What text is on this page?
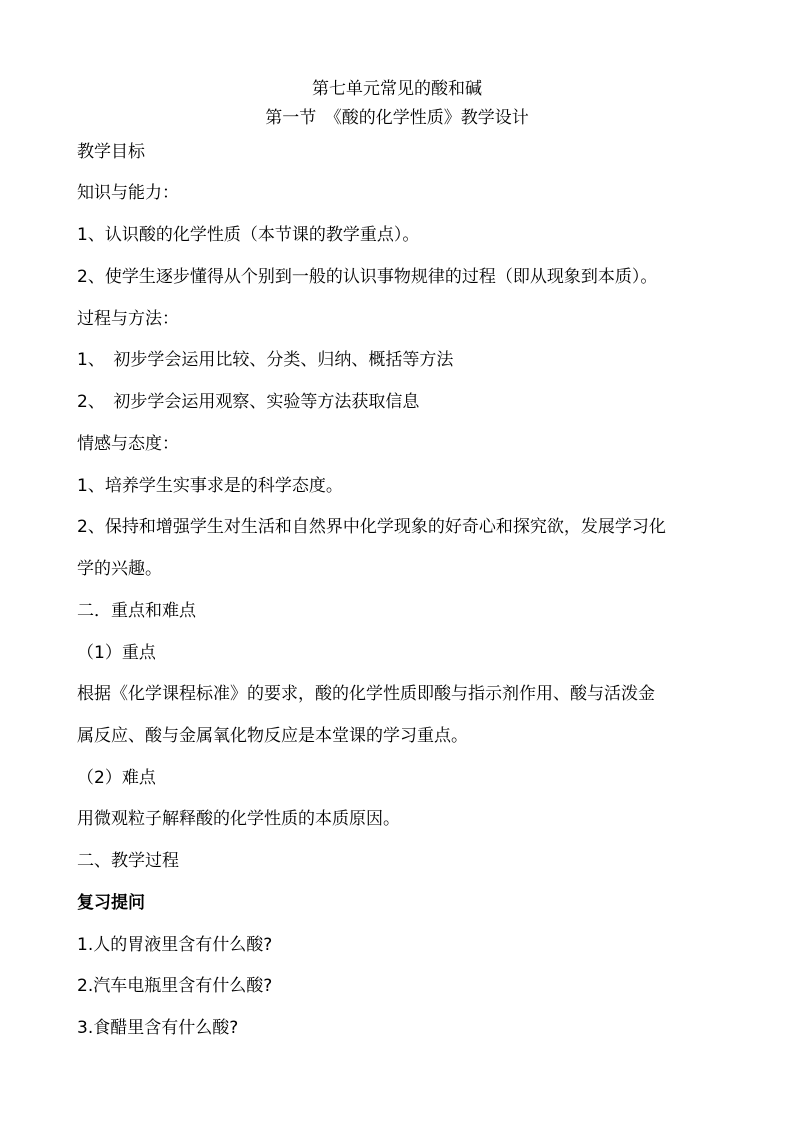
第七单元常见的酸和碱
第一节　《酸的化学性质》教学设计
教学目标
知识与能力：
1、认识酸的化学性质（本节课的教学重点）。
2、使学生逐步懂得从个别到一般的认识事物规律的过程（即从现象到本质）。
过程与方法：
1、　初步学会运用比较、分类、归纳、概括等方法
2、　初步学会运用观察、实验等方法获取信息
情感与态度：
1、培养学生实事求是的科学态度。
2、保持和增强学生对生活和自然界中化学现象的好奇心和探究欲，发展学习化
学的兴趣。
二．重点和难点
（1）重点
根据《化学课程标准》的要求，酸的化学性质即酸与指示剂作用、酸与活泼金
属反应、酸与金属氧化物反应是本堂课的学习重点。
（2）难点
用微观粒子解释酸的化学性质的本质原因。
二、教学过程
复习提问
1.人的胃液里含有什么酸?
2.汽车电瓶里含有什么酸?
3.食醋里含有什么酸?
